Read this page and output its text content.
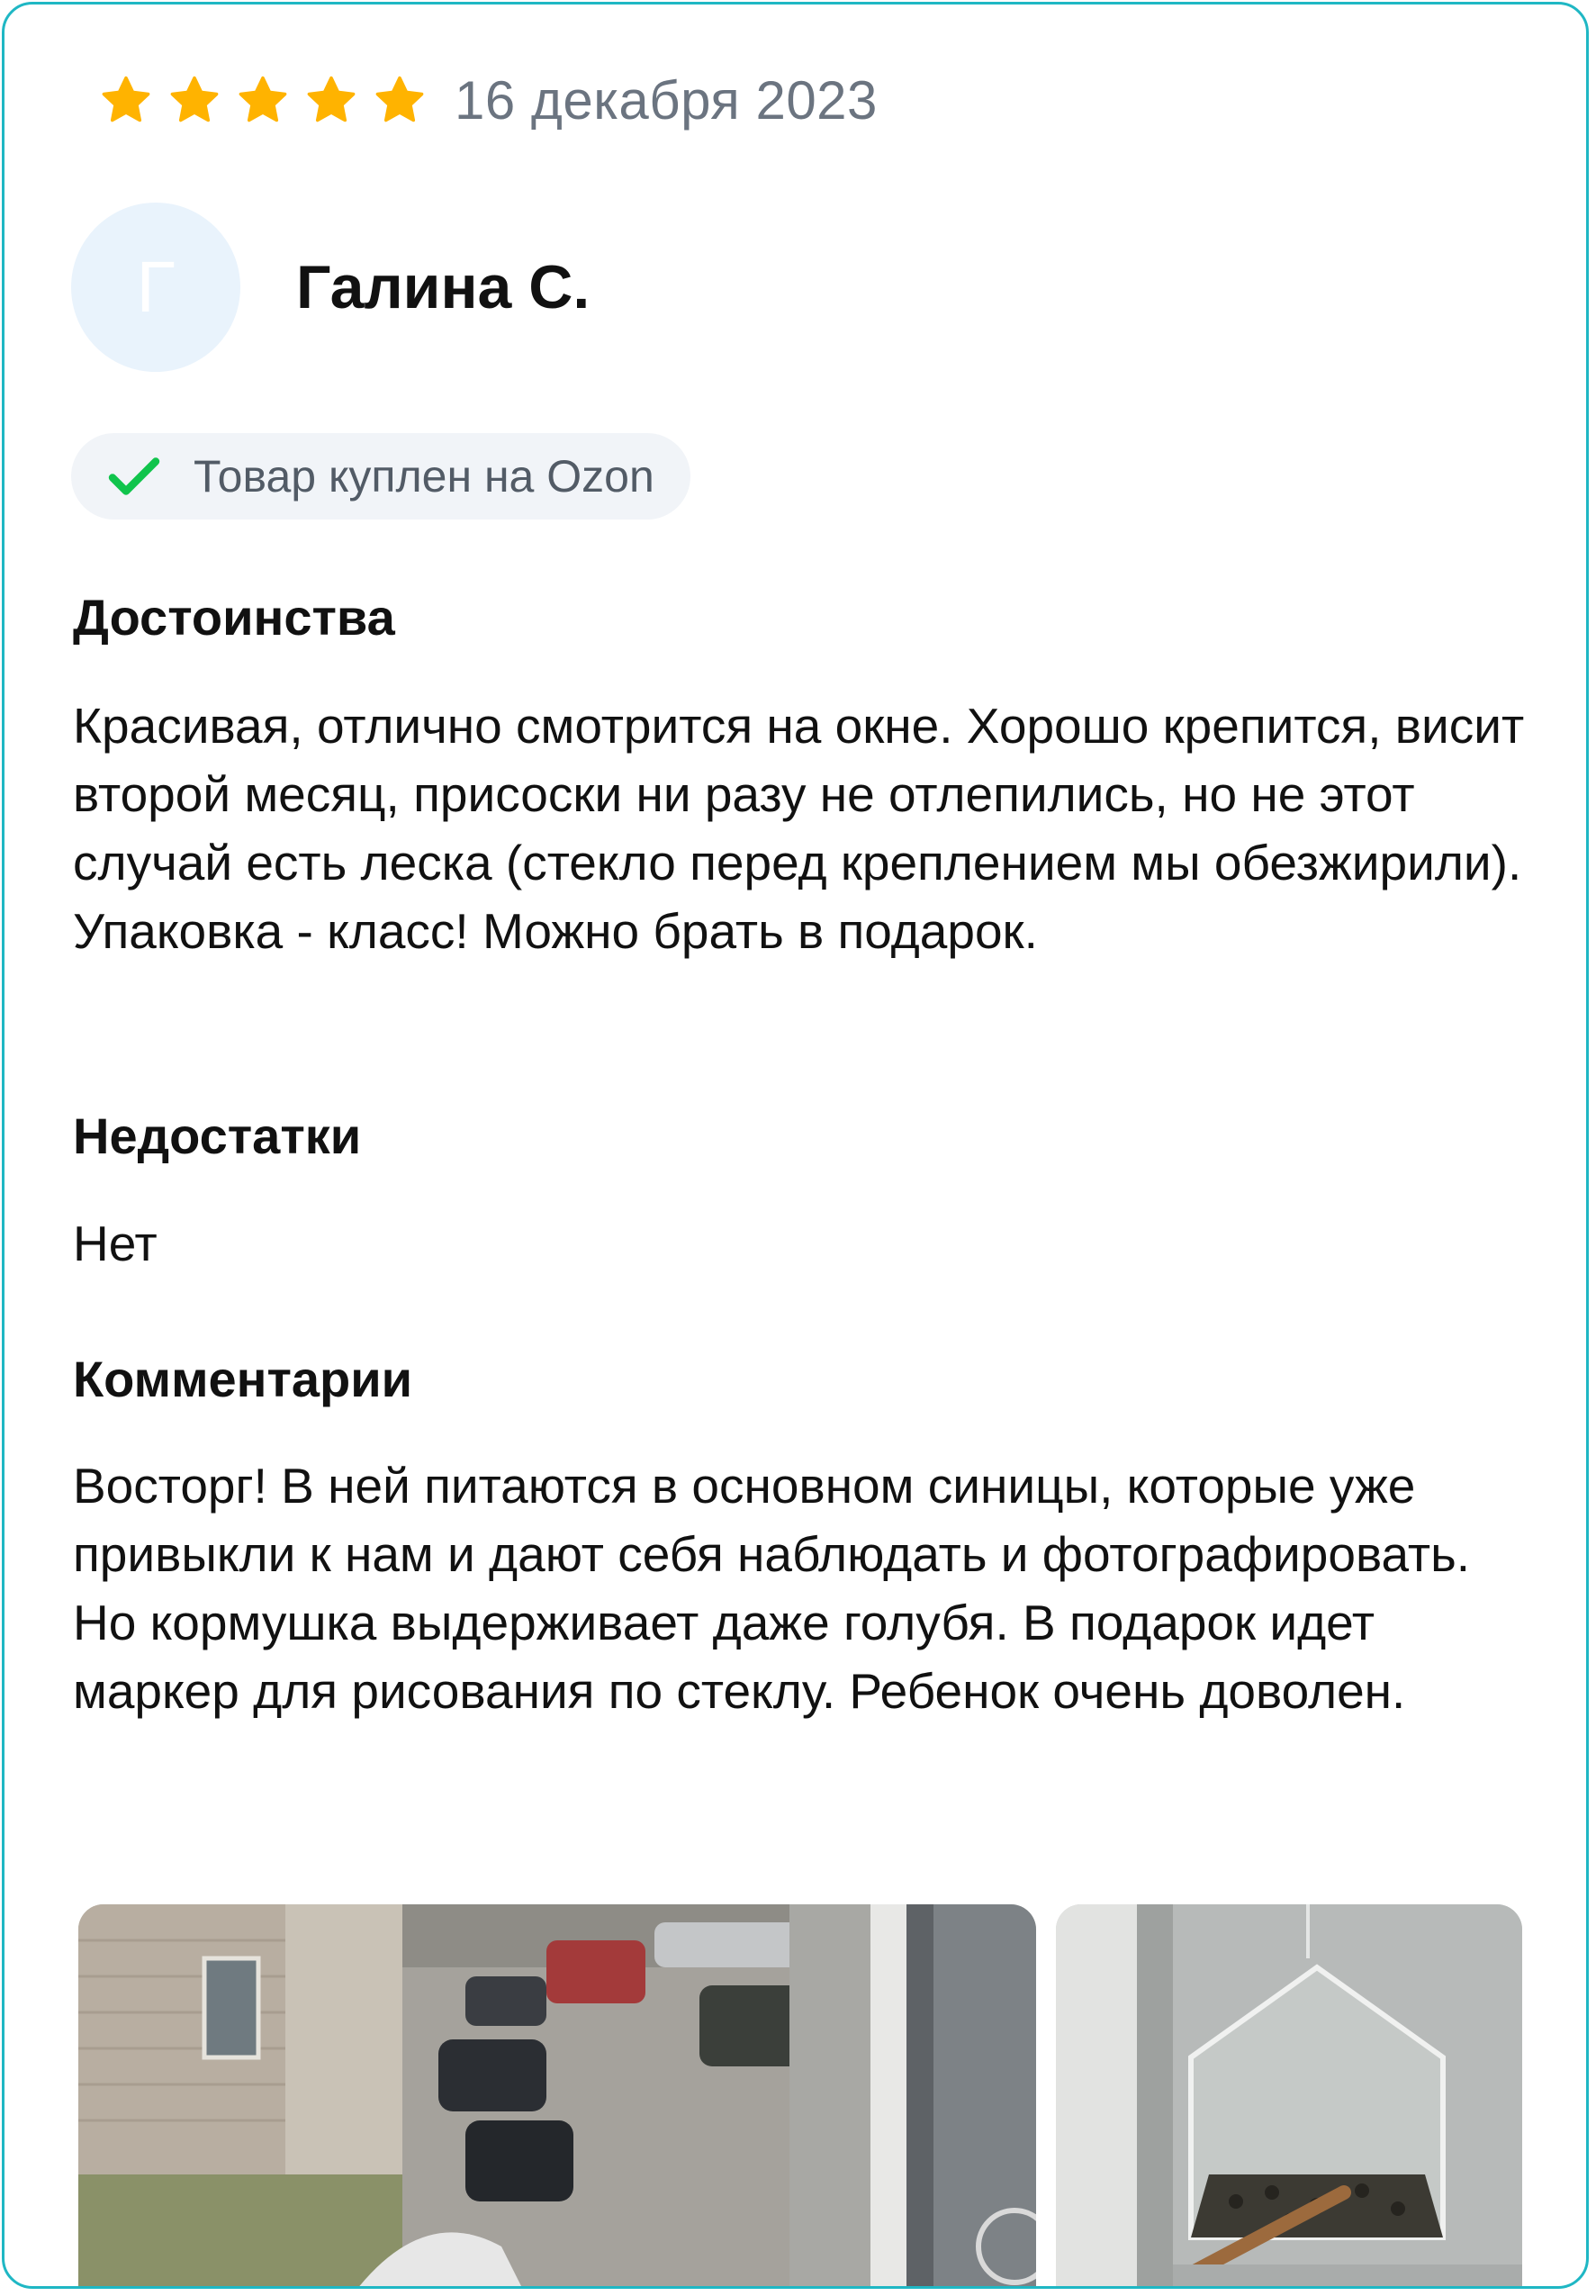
16 декабря 2023
Г Галина С.
Товар куплен на Ozon
Достоинства
Красивая, отлично смотрится на окне. Хорошо крепится, висит второй месяц, присоски ни разу не отлепились, но не этот случай есть леска (стекло перед креплением мы обезжирили). Упаковка - класс! Можно брать в подарок.
Недостатки
Нет
Комментарии
Восторг! В ней питаются в основном синицы, которые уже привыкли к нам и дают себя наблюдать и фотографировать. Но кормушка выдерживает даже голубя. В подарок идет маркер для рисования по стеклу. Ребенок очень доволен.
